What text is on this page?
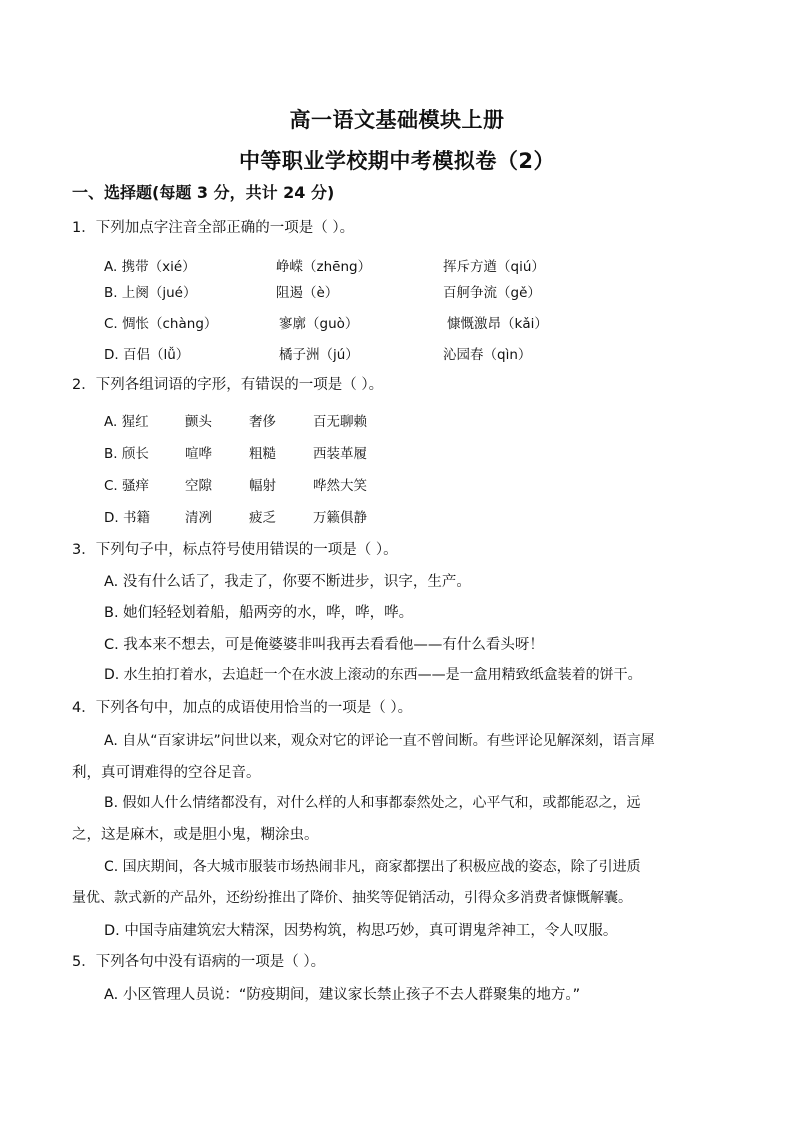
高一语文基础模块上册
中等职业学校期中考模拟卷（2）
一、选择题(每题 3 分，共计 24 分)
1．下列加点字注音全部正确的一项是（ ）。
A. 携带（xié）	峥嵘（zhēng）	挥斥方遒（qiú）
B. 上阕（jué）	阻遏（è）	百舸争流（gě）
C. 惆怅（chàng）	寥廓（guò）	慷慨激昂（kǎi）
D. 百侣（lǚ）	橘子洲（jú）	沁园春（qìn）
2．下列各组词语的字形，有错误的一项是（ ）。
A. 猩红	颤头	奢侈	百无聊赖
B. 颀长	喧哗	粗糙	西装革履
C. 骚痒	空隙	幅射	哗然大笑
D. 书籍	清冽	疲乏	万籁俱静
3．下列句子中，标点符号使用错误的一项是（ ）。
A. 没有什么话了，我走了，你要不断进步，识字，生产。
B. 她们轻轻划着船，船两旁的水，哗，哗，哗。
C. 我本来不想去，可是俺婆婆非叫我再去看看他——有什么看头呀！
D. 水生拍打着水，去追赶一个在水波上滚动的东西——是一盒用精致纸盒装着的饼干。
4．下列各句中，加点的成语使用恰当的一项是（ ）。
A. 自从“百家讲坛”问世以来，观众对它的评论一直不曾间断。有些评论见解深刻，语言犀
利，真可谓难得的空谷足音。
B. 假如人什么情绪都没有，对什么样的人和事都泰然处之，心平气和，或都能忍之，远
之，这是麻木，或是胆小鬼，糊涂虫。
C. 国庆期间，各大城市服装市场热闹非凡，商家都摆出了积极应战的姿态，除了引进质
量优、款式新的产品外，还纷纷推出了降价、抽奖等促销活动，引得众多消费者慷慨解囊。
D. 中国寺庙建筑宏大精深，因势构筑，构思巧妙，真可谓鬼斧神工，令人叹服。
5．下列各句中没有语病的一项是（ ）。
A. 小区管理人员说：“防疫期间，建议家长禁止孩子不去人群聚集的地方。”
